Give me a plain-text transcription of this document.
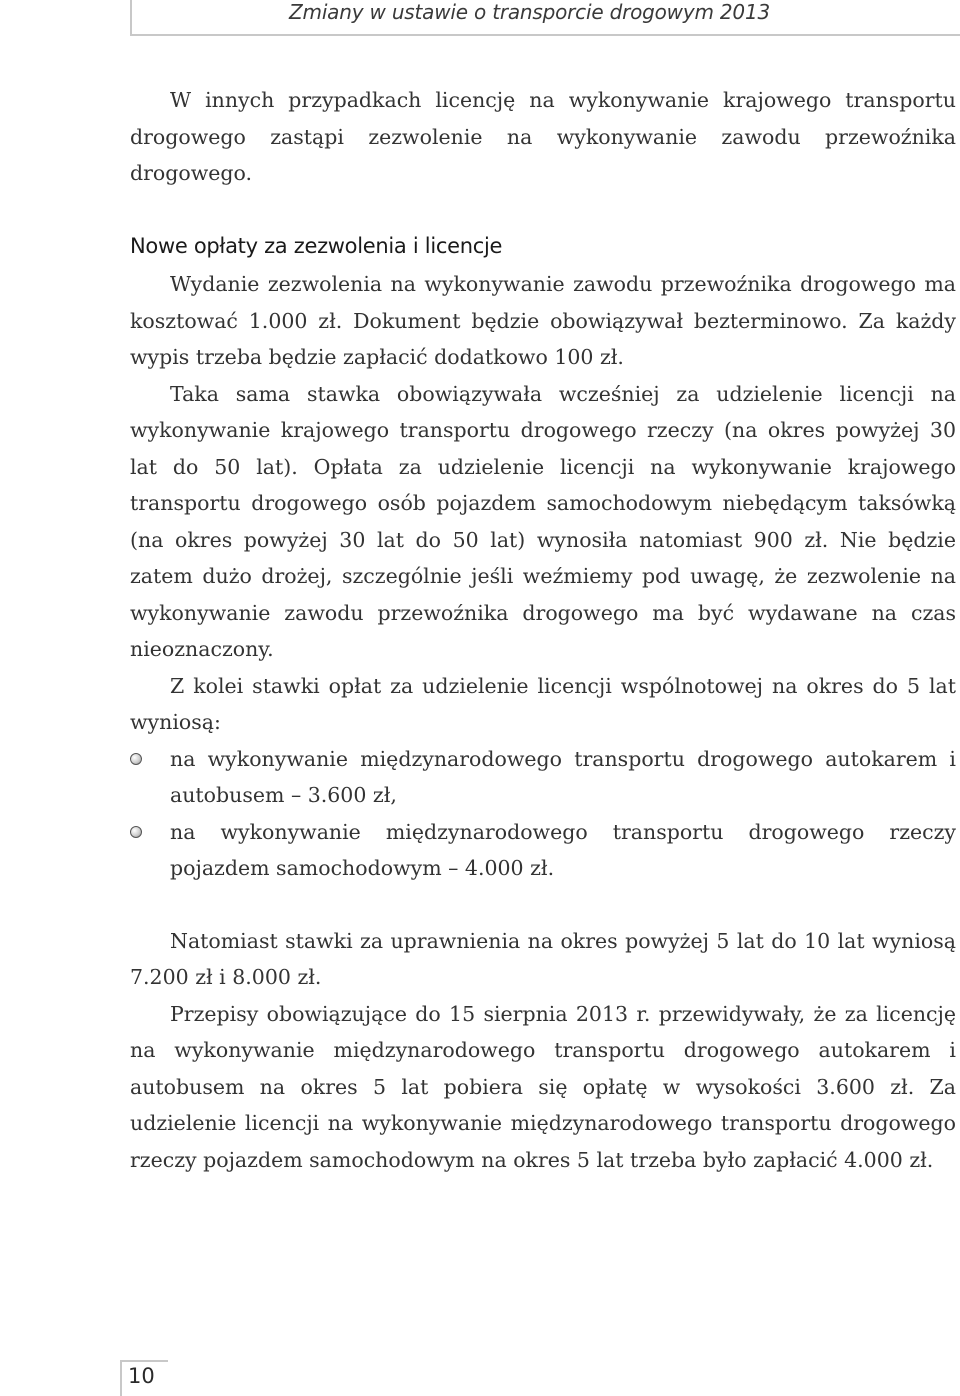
Zmiany w ustawie o transporcie drogowym 2013

W innych przypadkach licencję na wykonywanie krajowego transportu drogowego zastąpi zezwolenie na wykonywanie zawodu przewoźnika drogowego.

Nowe opłaty za zezwolenia i licencje

Wydanie zezwolenia na wykonywanie zawodu przewoźnika drogowego ma kosztować 1.000 zł. Dokument będzie obowiązywał bezterminowo. Za każdy wypis trzeba będzie zapłacić dodatkowo 100 zł.

Taka sama stawka obowiązywała wcześniej za udzielenie licencji na wykonywanie krajowego transportu drogowego rzeczy (na okres powyżej 30 lat do 50 lat). Opłata za udzielenie licencji na wykonywanie krajowego transportu drogowego osób pojazdem samochodowym niebędącym taksówką (na okres powyżej 30 lat do 50 lat) wynosiła natomiast 900 zł. Nie będzie zatem dużo drożej, szczególnie jeśli weźmiemy pod uwagę, że zezwolenie na wykonywanie zawodu przewoźnika drogowego ma być wydawane na czas nieoznaczony.

Z kolei stawki opłat za udzielenie licencji wspólnotowej na okres do 5 lat wyniosą:

na wykonywanie międzynarodowego transportu drogowego autokarem i autobusem – 3.600 zł,
na wykonywanie międzynarodowego transportu drogowego rzeczy pojazdem samochodowym – 4.000 zł.

Natomiast stawki za uprawnienia na okres powyżej 5 lat do 10 lat wyniosą 7.200 zł i 8.000 zł.

Przepisy obowiązujące do 15 sierpnia 2013 r. przewidywały, że za licencję na wykonywanie międzynarodowego transportu drogowego autokarem i autobusem na okres 5 lat pobiera się opłatę w wysokości 3.600 zł. Za udzielenie licencji na wykonywanie międzynarodowego transportu drogowego rzeczy pojazdem samochodowym na okres 5 lat trzeba było zapłacić 4.000 zł.

10
